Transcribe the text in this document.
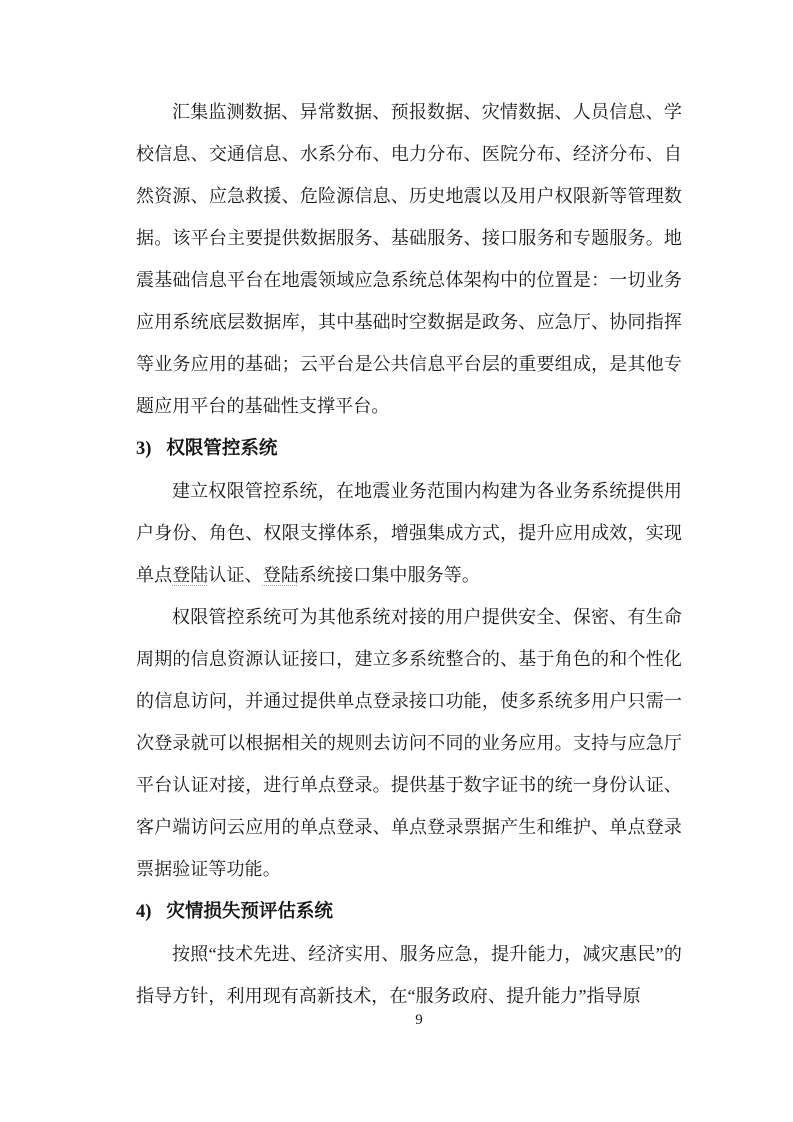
汇集监测数据、异常数据、预报数据、灾情数据、人员信息、学校信息、交通信息、水系分布、电力分布、医院分布、经济分布、自然资源、应急救援、危险源信息、历史地震以及用户权限新等管理数据。该平台主要提供数据服务、基础服务、接口服务和专题服务。地震基础信息平台在地震领域应急系统总体架构中的位置是：一切业务应用系统底层数据库，其中基础时空数据是政务、应急厅、协同指挥等业务应用的基础；云平台是公共信息平台层的重要组成，是其他专题应用平台的基础性支撑平台。

3) 权限管控系统

建立权限管控系统，在地震业务范围内构建为各业务系统提供用户身份、角色、权限支撑体系，增强集成方式，提升应用成效，实现单点登陆认证、登陆系统接口集中服务等。

权限管控系统可为其他系统对接的用户提供安全、保密、有生命周期的信息资源认证接口，建立多系统整合的、基于角色的和个性化的信息访问，并通过提供单点登录接口功能，使多系统多用户只需一次登录就可以根据相关的规则去访问不同的业务应用。支持与应急厅平台认证对接，进行单点登录。提供基于数字证书的统一身份认证、客户端访问云应用的单点登录、单点登录票据产生和维护、单点登录票据验证等功能。

4) 灾情损失预评估系统

按照“技术先进、经济实用、服务应急，提升能力，减灾惠民”的指导方针，利用现有高新技术，在“服务政府、提升能力”指导原

9
